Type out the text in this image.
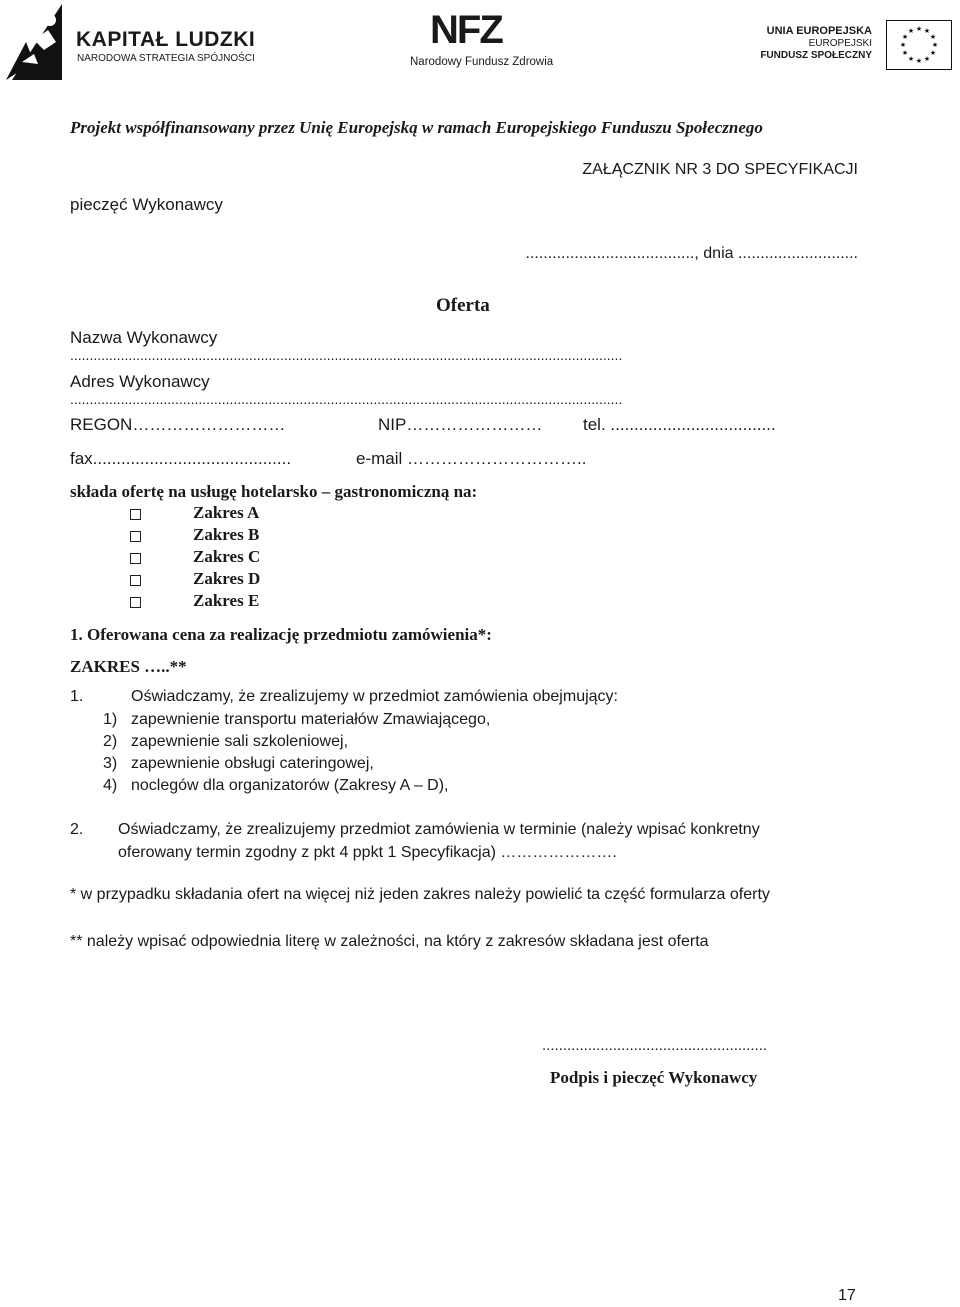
KAPITAŁ LUDZKI
NARODOWA STRATEGIA SPÓJNOŚCI
NFZ
Narodowy Fundusz Zdrowia
UNIA EUROPEJSKA
EUROPEJSKI
FUNDUSZ SPOŁECZNY
★ ★
★
★
★
★
★
★
★
★
★
★
Projekt współfinansowany przez Unię Europejską w ramach Europejskiego Funduszu Społecznego
ZAŁĄCZNIK NR 3 DO SPECYFIKACJI
pieczęć Wykonawcy
......................................, dnia ...........................
Oferta
Nazwa Wykonawcy
..............................................................................................................................................
Adres Wykonawcy
..............................................................................................................................................
REGON………………………	NIP…………………… tel. ...................................
fax..........................................	e-mail …………………………..
składa ofertę na usługę hotelarsko – gastronomiczną na:
Zakres A
Zakres B
Zakres C
Zakres D
Zakres E
1. Oferowana cena za realizację przedmiotu zamówienia*:
ZAKRES …..**
1.	Oświadczamy, że zrealizujemy w przedmiot zamówienia obejmujący:
1) zapewnienie transportu materiałów Zmawiającego,
2) zapewnienie sali szkoleniowej,
3) zapewnienie obsługi cateringowej,
4) noclegów dla organizatorów (Zakresy A – D),
2. Oświadczamy, że zrealizujemy przedmiot zamówienia w terminie (należy wpisać konkretny
oferowany termin zgodny z pkt 4 ppkt 1 Specyfikacja) ………………….
* w przypadku składania ofert na więcej niż jeden zakres należy powielić ta część formularza oferty
** należy wpisać odpowiednia literę w zależności, na który z zakresów składana jest oferta
......................................................
Podpis i pieczęć Wykonawcy
17
